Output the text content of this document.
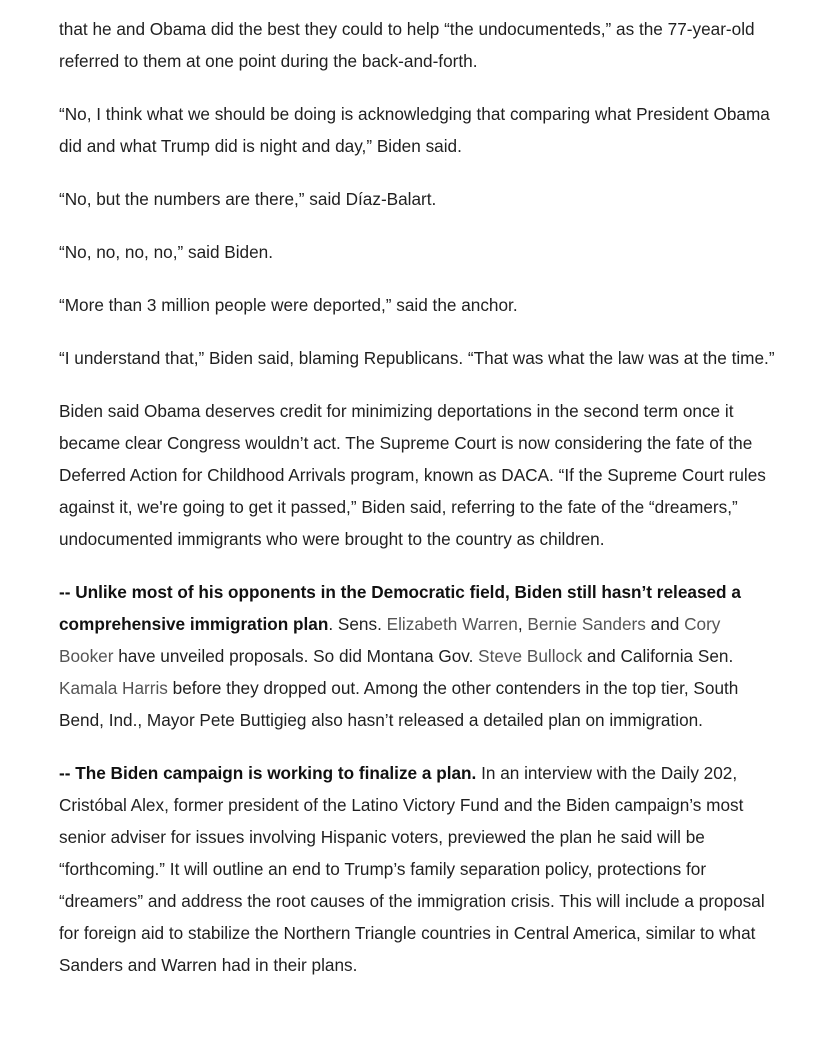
that he and Obama did the best they could to help “the undocumenteds,” as the 77-year-old referred to them at one point during the back-and-forth.

“No, I think what we should be doing is acknowledging that comparing what President Obama did and what Trump did is night and day,” Biden said.

“No, but the numbers are there,” said Díaz-Balart.

“No, no, no, no,” said Biden.

“More than 3 million people were deported,” said the anchor.

“I understand that,” Biden said, blaming Republicans. “That was what the law was at the time.”

Biden said Obama deserves credit for minimizing deportations in the second term once it became clear Congress wouldn’t act. The Supreme Court is now considering the fate of the Deferred Action for Childhood Arrivals program, known as DACA. “If the Supreme Court rules against it, we're going to get it passed,” Biden said, referring to the fate of the “dreamers,” undocumented immigrants who were brought to the country as children.

-- Unlike most of his opponents in the Democratic field, Biden still hasn’t released a comprehensive immigration plan. Sens. Elizabeth Warren, Bernie Sanders and Cory Booker have unveiled proposals. So did Montana Gov. Steve Bullock and California Sen. Kamala Harris before they dropped out. Among the other contenders in the top tier, South Bend, Ind., Mayor Pete Buttigieg also hasn’t released a detailed plan on immigration.

-- The Biden campaign is working to finalize a plan. In an interview with the Daily 202, Cristóbal Alex, former president of the Latino Victory Fund and the Biden campaign’s most senior adviser for issues involving Hispanic voters, previewed the plan he said will be “forthcoming.” It will outline an end to Trump’s family separation policy, protections for “dreamers” and address the root causes of the immigration crisis. This will include a proposal for foreign aid to stabilize the Northern Triangle countries in Central America, similar to what Sanders and Warren had in their plans.
